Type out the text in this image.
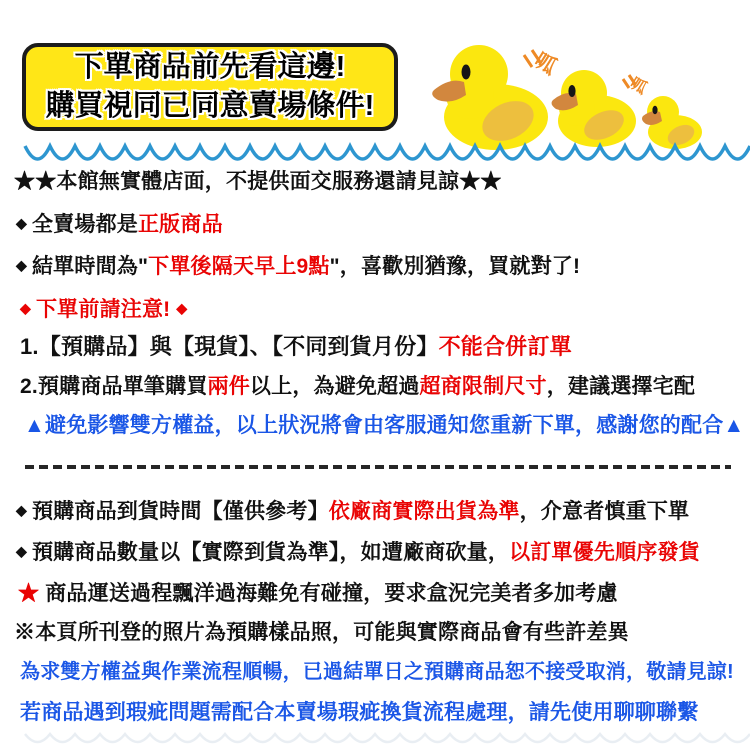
呱
呱
下單商品前先看這邊!
購買視同已同意賣場條件!
★★本館無實體店面，不提供面交服務還請見諒★★
◆ 全賣場都是正版商品
◆ 結單時間為"下單後隔天早上9點"，喜歡別猶豫，買就對了!
◆ 下單前請注意! ◆
1.【預購品】與【現貨】、【不同到貨月份】不能合併訂單
2.預購商品單筆購買兩件以上，為避免超過超商限制尺寸，建議選擇宅配
▲避免影響雙方權益，以上狀況將會由客服通知您重新下單，感謝您的配合▲
◆ 預購商品到貨時間【僅供參考】依廠商實際出貨為準，介意者慎重下單
◆ 預購商品數量以【實際到貨為準】，如遭廠商砍量，以訂單優先順序發貨
★ 商品運送過程飄洋過海難免有碰撞，要求盒況完美者多加考慮
※本頁所刊登的照片為預購樣品照，可能與實際商品會有些許差異
為求雙方權益與作業流程順暢，已過結單日之預購商品恕不接受取消，敬請見諒!
若商品遇到瑕疵問題需配合本賣場瑕疵換貨流程處理，請先使用聊聊聯繫
